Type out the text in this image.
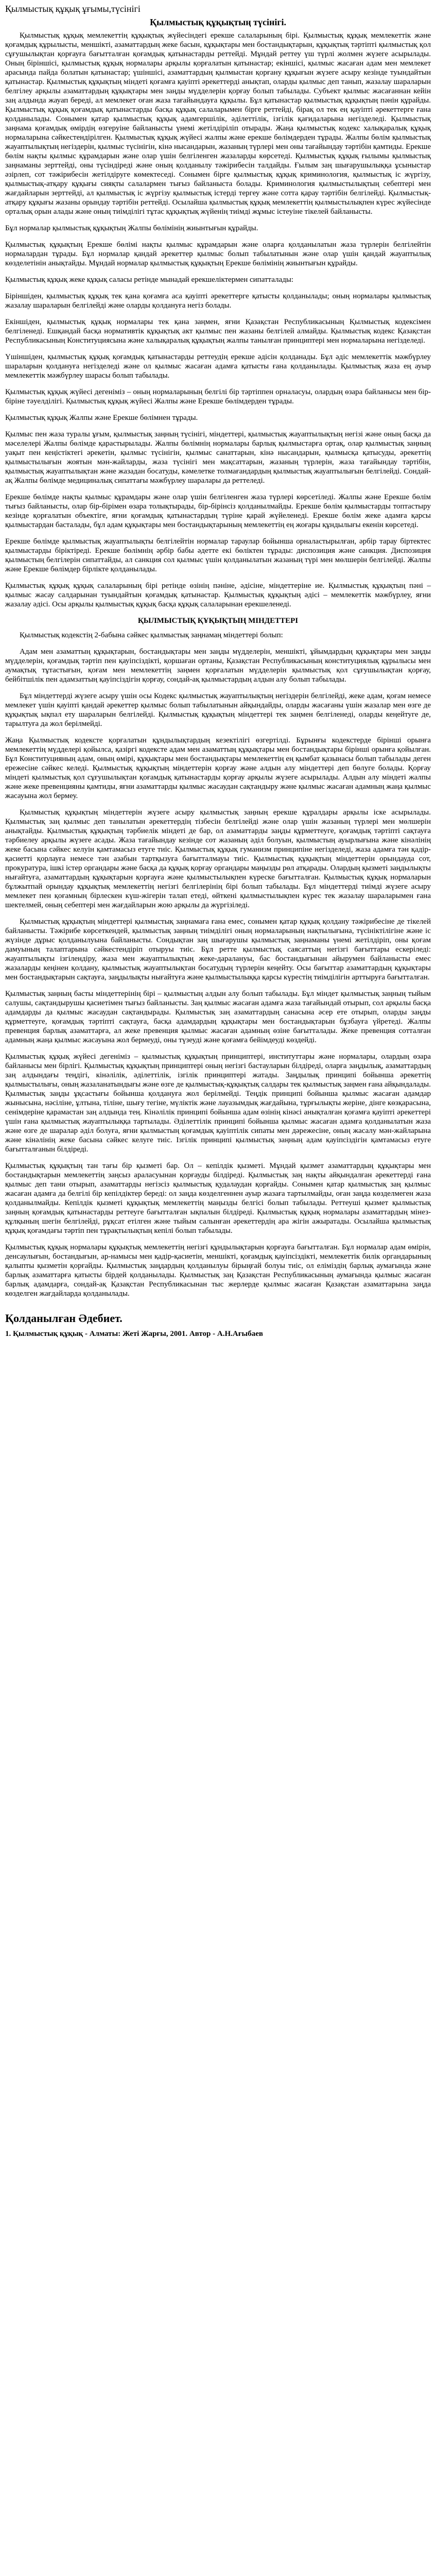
Қылмыстық құқық ұғымы,түсінігі
Қылмыстық құқықтың түсінігі.

Қылмыстық құқық мемлекеттің құқықтық жүйесіндегі ерекше салаларының бірі. Қылмыстық құқық мемлекеттік және қоғамдық құрылысты, меншікті, азаматтардың жеке басын, құқықтары мен бостандықтарын, құқықтық тәртіпті қылмыстық қол сұғушылықтан қорғауға бағытталған қоғамдық қатынастарды реттейді. Мұндай реттеу үш түрлі жолмен жүзеге асырылады. Оның біріншісі, қылмыстық құқық нормалары арқылы қорғалатын қатынастар; екіншісі, қылмыс жасаған адам мен мемлекет арасында пайда болатын қатынастар; үшіншісі, азаматтардың қылмыстан қорғану құқығын жүзеге асыру кезінде туындайтын қатынастар. Қылмыстық құқықтың міндеті қоғамға қауіпті әрекеттерді анықтап, оларды қылмыс деп танып, жазалау шараларын белгілеу арқылы азаматтардың құқықтары мен заңды мүдделерін қорғау болып табылады. Субъект қылмыс жасағаннан кейін заң алдында жауап береді, ал мемлекет оған жаза тағайындауға құқылы. Бұл қатынастар қылмыстық құқықтың пәнін құрайды. Қылмыстық құқық қоғамдық қатынастарды басқа құқық салаларымен бірге реттейді, бірақ ол тек ең қауіпті әрекеттерге ғана қолданылады. Сонымен қатар қылмыстық құқық адамгершілік, әділеттілік, ізгілік қағидаларына негізделеді. Қылмыстық заңнама қоғамдық өмірдің өзгеруіне байланысты үнемі жетілдіріліп отырады. Жаңа қылмыстық кодекс халықаралық құқық нормаларына сәйкестендірілген. Қылмыстық құқық жүйесі жалпы және ерекше бөлімдерден тұрады. Жалпы бөлім қылмыстық жауаптылықтың негіздерін, қылмыс түсінігін, кінә нысандарын, жазаның түрлері мен оны тағайындау тәртібін қамтиды. Ерекше бөлім нақты қылмыс құрамдарын және олар үшін белгіленген жазаларды көрсетеді. Қылмыстық құқық ғылымы қылмыстық заңнаманы зерттейді, оны түсіндіреді және оның қолданылу тәжірибесін талдайды. Ғылым заң шығарушылыққа ұсыныстар әзірлеп, сот тәжірибесін жетілдіруге көмектеседі. Сонымен бірге қылмыстық құқық криминология, қылмыстық іс жүргізу, қылмыстық-атқару құқығы сияқты салалармен тығыз байланыста болады. Криминология қылмыстылықтың себептері мен жағдайларын зерттейді, ал қылмыстық іс жүргізу қылмыстық істерді тергеу және сотта қарау тәртібін белгілейді. Қылмыстық-атқару құқығы жазаны орындау тәртібін реттейді. Осылайша қылмыстық құқық мемлекеттің қылмыстылықпен күрес жүйесінде орталық орын алады және оның тиімділігі тұтас құқықтық жүйенің тиімді жұмыс істеуіне тікелей байланысты.

Бұл нормалар қылмыстық құқықтың Жалпы бөлімінің жиынтығын құрайды.

Қылмыстық құқықтың Ерекше бөлімі нақты қылмыс құрамдарын және оларға қолданылатын жаза түрлерін белгілейтін нормалардан тұрады. Бұл нормалар қандай әрекеттер қылмыс болып табылатынын және олар үшін қандай жауаптылық көзделетінін анықтайды. Мұндай нормалар қылмыстық құқықтың Ерекше бөлімінің жиынтығын құрайды.

Қылмыстық құқық жеке құқық саласы ретінде мынадай ерекшеліктермен сипатталады:

Біріншіден, қылмыстық құқық тек қана қоғамға аса қауіпті әрекеттерге қатысты қолданылады; оның нормалары қылмыстық жазалау шараларын белгілейді және оларды қолдануға негіз болады.

Екіншіден, қылмыстық құқық нормалары тек қана заңмен, яғни Қазақстан Республикасының Қылмыстық кодексімен белгіленеді. Ешқандай басқа нормативтік құқықтық акт қылмыс пен жазаны белгілей алмайды. Қылмыстық кодекс Қазақстан Республикасының Конституциясына және халықаралық құқықтың жалпы танылған принциптері мен нормаларына негізделеді.

Үшіншіден, қылмыстық құқық қоғамдық қатынастарды реттеудің ерекше әдісін қолданады. Бұл әдіс мемлекеттік мәжбүрлеу шараларын қолдануға негізделеді және ол қылмыс жасаған адамға қатысты ғана қолданылады. Қылмыстық жаза ең ауыр мемлекеттік мәжбүрлеу шарасы болып табылады.

Қылмыстық құқық жүйесі дегеніміз – оның нормаларының белгілі бір тәртіппен орналасуы, олардың өзара байланысы мен бір-біріне тәуелділігі. Қылмыстық құқық жүйесі Жалпы және Ерекше бөлімдерден тұрады.

Қылмыстық құқық Жалпы және Ерекше бөлімнен тұрады.

Қылмыс пен жаза туралы ұғым, қылмыстық заңның түсінігі, міндеттері, қылмыстық жауаптылықтың негізі және оның басқа да мәселелері Жалпы бөлімде қарастырылады. Жалпы бөлімнің нормалары барлық қылмыстарға ортақ, олар қылмыстық заңның уақыт пен кеңістіктегі әрекетін, қылмыс түсінігін, қылмыс санаттарын, кінә нысандарын, қылмысқа қатысуды, әрекеттің қылмыстылығын жоятын мән-жайларды, жаза түсінігі мен мақсаттарын, жазаның түрлерін, жаза тағайындау тәртібін, қылмыстық жауаптылықтан және жазадан босатуды, кәмелетке толмағандардың қылмыстық жауаптылығын белгілейді. Сондай-ақ Жалпы бөлімде медициналық сипаттағы мәжбүрлеу шаралары да реттеледі.

Ерекше бөлімде нақты қылмыс құрамдары және олар үшін белгіленген жаза түрлері көрсетіледі. Жалпы және Ерекше бөлім тығыз байланысты, олар бір-бірімен өзара толықтырады, бір-бірінсіз қолданылмайды. Ерекше бөлім қылмыстарды топтастыру кезінде қорғалатын объектіге, яғни қоғамдық қатынастардың түріне қарай жүйеленеді. Ерекше бөлім жеке адамға қарсы қылмыстардан басталады, бұл адам құқықтары мен бостандықтарының мемлекеттің ең жоғары құндылығы екенін көрсетеді.

Ерекше бөлімде қылмыстық жауаптылықты белгілейтін нормалар тараулар бойынша орналастырылған, әрбір тарау біртектес қылмыстарды біріктіреді. Ерекше бөлімнің әрбір бабы әдетте екі бөліктен тұрады: диспозиция және санкция. Диспозиция қылмыстың белгілерін сипаттайды, ал санкция сол қылмыс үшін қолданылатын жазаның түрі мен мөлшерін белгілейді. Жалпы және Ерекше бөлімдер бірлікте қолданылады.

Қылмыстық құқық құқық салаларының бірі ретінде өзінің пәніне, әдісіне, міндеттеріне ие. Қылмыстық құқықтың пәні – қылмыс жасау салдарынан туындайтын қоғамдық қатынастар. Қылмыстық құқықтың әдісі – мемлекеттік мәжбүрлеу, яғни жазалау әдісі. Осы арқылы қылмыстық құқық басқа құқық салаларынан ерекшеленеді.

ҚЫЛМЫСТЫҚ ҚҰҚЫҚТЫҢ МІНДЕТТЕРІ

Қылмыстық кодекстің 2-бабына сәйкес қылмыстық заңнамаң міндеттері болып:

Адам мен азаматтың құқықтарын, бостандықтары мен заңды мүдделерін, меншікті, ұйымдардың құқықтары мен заңды мүдделерін, қоғамдық тәртіп пен қауіпсіздікті, қоршаған ортаны, Қазақстан Республикасының конституциялық құрылысы мен аумақтық тұтастығын, қоғам мен мемлекеттің заңмен қорғалатын мүдделерін қылмыстық қол сұғушылықтан қорғау, бейбітшілік пен адамзаттың қауіпсіздігін қорғау, сондай-ақ қылмыстардың алдын алу болып табылады.

Бұл міндеттерді жүзеге асыру үшін осы Кодекс қылмыстық жауаптылықтың негіздерін белгілейді, жеке адам, қоғам немесе мемлекет үшін қауіпті қандай әрекеттер қылмыс болып табылатынын айқындайды, оларды жасағаны үшін жазалар мен өзге де құқықтық ықпал ету шараларын белгілейді. Қылмыстық құқықтың міндеттері тек заңмен белгіленеді, оларды кеңейтуге де, тарылтуға да жол берілмейді.

Жаңа Қылмыстық кодексте қорғалатын құндылықтардың кезектілігі өзгертілді. Бұрынғы кодекстерде бірінші орынға мемлекеттің мүдделері қойылса, қазіргі кодексте адам мен азаматтың құқықтары мен бостандықтары бірінші орынға қойылған. Бұл Конституцияның адам, оның өмірі, құқықтары мен бостандықтары мемлекеттің ең қымбат қазынасы болып табылады деген ережесіне сәйкес келеді. Қылмыстық құқықтың міндеттерін қорғау және алдын алу міндеттері деп бөлуге болады. Қорғау міндеті қылмыстық қол сұғушылықтан қоғамдық қатынастарды қорғау арқылы жүзеге асырылады. Алдын алу міндеті жалпы және жеке превенцияны қамтиды, яғни азаматтарды қылмыс жасаудан сақтандыру және қылмыс жасаған адамның жаңа қылмыс жасауына жол бермеу.

Қылмыстық құқықтың міндеттерін жүзеге асыру қылмыстық заңның ерекше құралдары арқылы іске асырылады. Қылмыстық заң қылмыс деп танылатын әрекеттердің тізбесін белгілейді және олар үшін жазаның түрлері мен мөлшерін анықтайды. Қылмыстық құқықтың тәрбиелік міндеті де бар, ол азаматтарды заңды құрметтеуге, қоғамдық тәртіпті сақтауға тәрбиелеу арқылы жүзеге асады. Жаза тағайындау кезінде сот жазаның әділ болуын, қылмыстың ауырлығына және кінәлінің жеке басына сәйкес келуін қамтамасыз етуге тиіс. Қылмыстық құқық гуманизм принципіне негізделеді, жаза адамға тән қадір-қасиетті қорлауға немесе тән азабын тартқызуға бағытталмауы тиіс. Қылмыстық құқықтың міндеттерін орындауда сот, прокуратура, ішкі істер органдары және басқа да құқық қорғау органдары маңызды рөл атқарады. Олардың қызметі заңдылықты нығайтуға, азаматтардың құқықтарын қорғауға және қылмыстылықпен күреске бағытталған. Қылмыстық құқық нормаларын бұлжытпай орындау құқықтық мемлекеттің негізгі белгілерінің бірі болып табылады. Бұл міндеттерді тиімді жүзеге асыру мемлекет пен қоғамның бірлескен күш-жігерін талап етеді, өйткені қылмыстылықпен күрес тек жазалау шараларымен ғана шектелмей, оның себептері мен жағдайларын жою арқылы да жүргізіледі.

Қылмыстық құқықтың міндеттері қылмыстық заңнамаға ғана емес, сонымен қатар құқық қолдану тәжірибесіне де тікелей байланысты. Тәжірибе көрсеткендей, қылмыстық заңның тиімділігі оның нормаларының нақтылығына, түсініктілігіне және іс жүзінде дұрыс қолданылуына байланысты. Сондықтан заң шығарушы қылмыстық заңнаманы үнемі жетілдіріп, оны қоғам дамуының талаптарына сәйкестендіріп отыруы тиіс. Бұл ретте қылмыстық саясаттың негізгі бағыттары ескеріледі: жауаптылықты ізгілендіру, жаза мен жауаптылықтың жеке-даралануы, бас бостандығынан айырумен байланысты емес жазаларды кеңінен қолдану, қылмыстық жауаптылықтан босатудың түрлерін кеңейту. Осы бағыттар азаматтардың құқықтары мен бостандықтарын сақтауға, заңдылықты нығайтуға және қылмыстылыққа қарсы күрестің тиімділігін арттыруға бағытталған.

Қылмыстық заңның басты міндеттерінің бірі – қылмыстың алдын алу болып табылады. Бұл міндет қылмыстық заңның тыйым салушы, сақтандырушы қасиетімен тығыз байланысты. Заң қылмыс жасаған адамға жаза тағайындай отырып, сол арқылы басқа адамдарды да қылмыс жасаудан сақтандырады. Қылмыстық заң азаматтардың санасына әсер ете отырып, оларды заңды құрметтеуге, қоғамдық тәртіпті сақтауға, басқа адамдардың құқықтары мен бостандықтарын бұзбауға үйретеді. Жалпы превенция барлық азаматтарға, ал жеке превенция қылмыс жасаған адамның өзіне бағытталады. Жеке превенция сотталған адамның жаңа қылмыс жасауына жол бермеуді, оны түзеуді және қоғамға бейімдеуді көздейді.

Қылмыстық құқық жүйесі дегеніміз – қылмыстық құқықтың принциптері, институттары және нормалары, олардың өзара байланысы мен бірлігі. Қылмыстық құқықтың принциптері оның негізгі бастауларын білдіреді, оларға заңдылық, азаматтардың заң алдындағы теңдігі, кінәлілік, әділеттілік, ізгілік принциптері жатады. Заңдылық принципі бойынша әрекеттің қылмыстылығы, оның жазаланатындығы және өзге де қылмыстық-құқықтық салдары тек қылмыстық заңмен ғана айқындалады. Қылмыстық заңды ұқсастығы бойынша қолдануға жол берілмейді. Теңдік принципі бойынша қылмыс жасаған адамдар жынысына, нәсіліне, ұлтына, тіліне, шығу тегіне, мүліктік және лауазымдық жағдайына, тұрғылықты жеріне, дінге көзқарасына, сенімдеріне қарамастан заң алдында тең. Кінәлілік принципі бойынша адам өзінің кінәсі анықталған қоғамға қауіпті әрекеттері үшін ғана қылмыстық жауаптылыққа тартылады. Әділеттілік принципі бойынша қылмыс жасаған адамға қолданылатын жаза және өзге де шаралар әділ болуға, яғни қылмыстың қоғамдық қауіптілік сипаты мен дәрежесіне, оның жасалу мән-жайларына және кінәлінің жеке басына сәйкес келуге тиіс. Ізгілік принципі қылмыстық заңның адам қауіпсіздігін қамтамасыз етуге бағытталғанын білдіреді.

Қылмыстық құқықтың тан тағы бір қызметі бар. Ол – кепілдік қызметі. Мұндай қызмет азаматтардың құқықтары мен бостандықтарын мемлекеттің заңсыз араласуынан қорғауды білдіреді. Қылмыстық заң нақты айқындалған әрекеттерді ғана қылмыс деп тани отырып, азаматтарды негізсіз қылмыстық қудалаудан қорғайды. Сонымен қатар қылмыстық заң қылмыс жасаған адамға да белгілі бір кепілдіктер береді: ол заңда көзделгеннен ауыр жазаға тартылмайды, оған заңда көзделмеген жаза қолданылмайды. Кепілдік қызметі құқықтық мемлекеттің маңызды белгісі болып табылады. Реттеуші қызмет қылмыстық заңның қоғамдық қатынастарды реттеуге бағытталған ықпалын білдіреді. Қылмыстық құқық нормалары азаматтардың мінез-құлқының шегін белгілейді, рұқсат етілген және тыйым салынған әрекеттердің ара жігін ажыратады. Осылайша қылмыстық құқық қоғамдағы тәртіп пен тұрақтылықтың кепілі болып табылады.

Қылмыстық құқық нормалары құқықтық мемлекеттің негізгі құндылықтарын қорғауға бағытталған. Бұл нормалар адам өмірін, денсаулығын, бостандығын, ар-намысы мен қадір-қасиетін, меншікті, қоғамдық қауіпсіздікті, мемлекеттік билік органдарының қалыпты қызметін қорғайды. Қылмыстық заңдардың қолданылуы бірыңғай болуы тиіс, ол еліміздің барлық аумағында және барлық азаматтарға қатысты бірдей қолданылады. Қылмыстық заң Қазақстан Республикасының аумағында қылмыс жасаған барлық адамдарға, сондай-ақ Қазақстан Республикасынан тыс жерлерде қылмыс жасаған Қазақстан азаматтарына заңда көзделген жағдайларда қолданылады.

Қолданылған Әдебиет.

1. Қылмыстық құқық - Алматы: Жеті Жарғы, 2001. Автор - А.Н.Ағыбаев
